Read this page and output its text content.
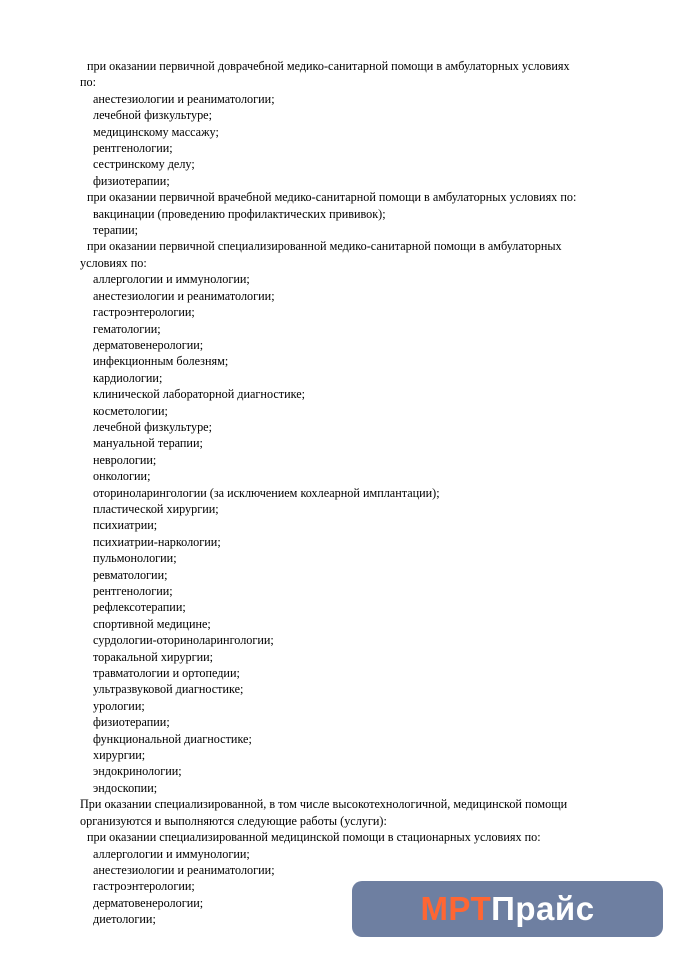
при оказании первичной доврачебной медико-санитарной помощи в амбулаторных условиях

по:

анестезиологии и реаниматологии;

лечебной физкультуре;

медицинскому массажу;

рентгенологии;

сестринскому делу;

физиотерапии;

при оказании первичной врачебной медико-санитарной помощи в амбулаторных условиях по:

вакцинации (проведению профилактических прививок);

терапии;

при оказании первичной специализированной медико-санитарной помощи в амбулаторных

условиях по:

аллергологии и иммунологии;

анестезиологии и реаниматологии;

гастроэнтерологии;

гематологии;

дерматовенерологии;

инфекционным болезням;

кардиологии;

клинической лабораторной диагностике;

косметологии;

лечебной физкультуре;

мануальной терапии;

неврологии;

онкологии;

оториноларингологии (за исключением кохлеарной имплантации);

пластической хирургии;

психиатрии;

психиатрии-наркологии;

пульмонологии;

ревматологии;

рентгенологии;

рефлексотерапии;

спортивной медицине;

сурдологии-оториноларингологии;

торакальной хирургии;

травматологии и ортопедии;

ультразвуковой диагностике;

урологии;

физиотерапии;

функциональной диагностике;

хирургии;

эндокринологии;

эндоскопии;

При оказании специализированной, в том числе высокотехнологичной, медицинской помощи

организуются и выполняются следующие работы (услуги):

при оказании специализированной медицинской помощи в стационарных условиях по:

аллергологии и иммунологии;

анестезиологии и реаниматологии;

гастроэнтерологии;

дерматовенерологии;

диетологии;	МРТ Прайс
